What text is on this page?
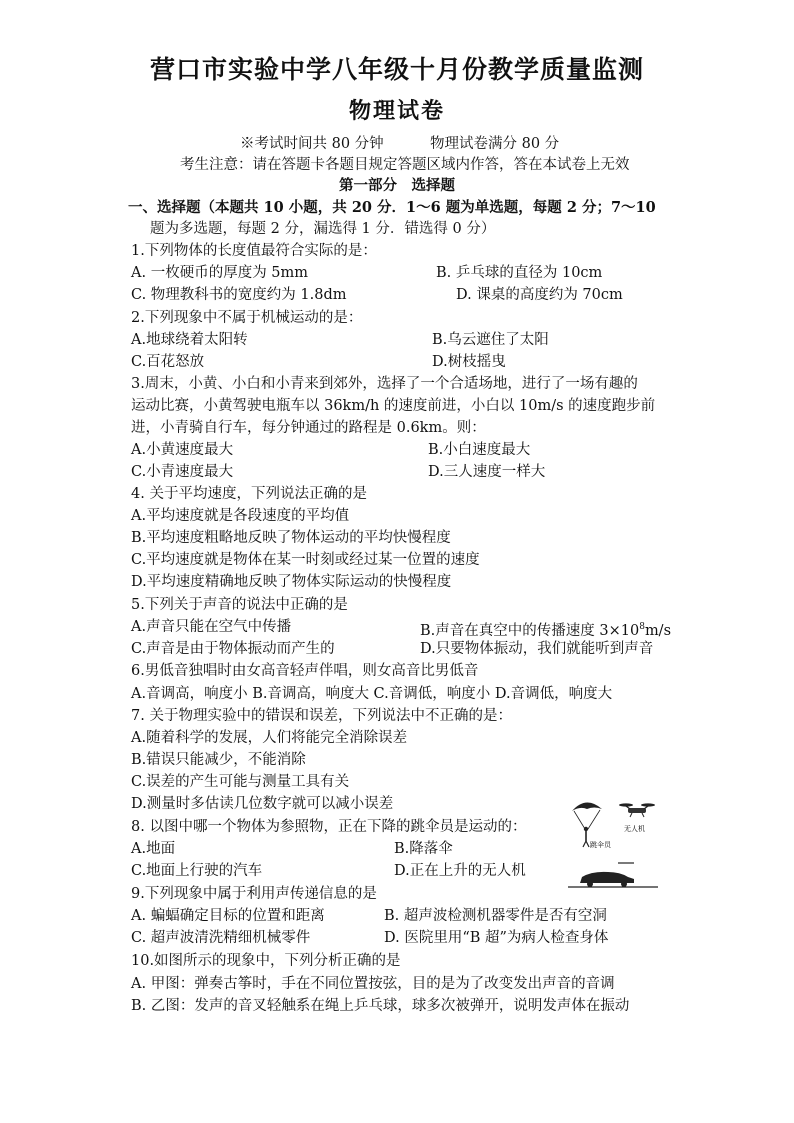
营口市实验中学八年级十月份教学质量监测
物理试卷
※考试时间共 80 分钟	物理试卷满分 80 分
考生注意：请在答题卡各题目规定答题区域内作答，答在本试卷上无效
第一部分　选择题
一、选择题（本题共 10 小题，共 20 分．1～6 题为单选题，每题 2 分；7～10
题为多选题，每题 2 分，漏选得 1 分．错选得 0 分）
1.下列物体的长度值最符合实际的是：
A. 一枚硬币的厚度为 5mm	B. 乒乓球的直径为 10cm
C. 物理教科书的宽度约为 1.8dm	D. 课桌的高度约为 70cm
2.下列现象中不属于机械运动的是：
A.地球绕着太阳转	B.乌云遮住了太阳
C.百花怒放	D.树枝摇曳
3.周末，小黄、小白和小青来到郊外，选择了一个合适场地，进行了一场有趣的
运动比赛，小黄驾驶电瓶车以 36km/h 的速度前进，小白以 10m/s 的速度跑步前
进，小青骑自行车，每分钟通过的路程是 0.6km。则：
A.小黄速度最大	B.小白速度最大
C.小青速度最大	D.三人速度一样大
4. 关于平均速度，下列说法正确的是
A.平均速度就是各段速度的平均值
B.平均速度粗略地反映了物体运动的平均快慢程度
C.平均速度就是物体在某一时刻或经过某一位置的速度
D.平均速度精确地反映了物体实际运动的快慢程度
5.下列关于声音的说法中正确的是
A.声音只能在空气中传播	B.声音在真空中的传播速度 $3\times 10^8m/s$
C.声音是由于物体振动而产生的	D.只要物体振动，我们就能听到声音
6.男低音独唱时由女高音轻声伴唱，则女高音比男低音
A.音调高，响度小 B.音调高，响度大 C.音调低，响度小 D.音调低，响度大
7. 关于物理实验中的错误和误差，下列说法中不正确的是：
A.随着科学的发展，人们将能完全消除误差
B.错误只能减少，不能消除
C.误差的产生可能与测量工具有关
D.测量时多估读几位数字就可以减小误差
8. 以图中哪一个物体为参照物，正在下降的跳伞员是运动的：
A.地面	B.降落伞
C.地面上行驶的汽车	D.正在上升的无人机
跳伞员
无人机
9.下列现象中属于利用声传递信息的是
A. 蝙蝠确定目标的位置和距离	B. 超声波检测机器零件是否有空洞
C. 超声波清洗精细机械零件	D. 医院里用“B 超”为病人检查身体
10.如图所示的现象中，下列分析正确的是
A. 甲图：弹奏古筝时，手在不同位置按弦，目的是为了改变发出声音的音调
B. 乙图：发声的音叉轻触系在绳上乒乓球，球多次被弹开，说明发声体在振动
